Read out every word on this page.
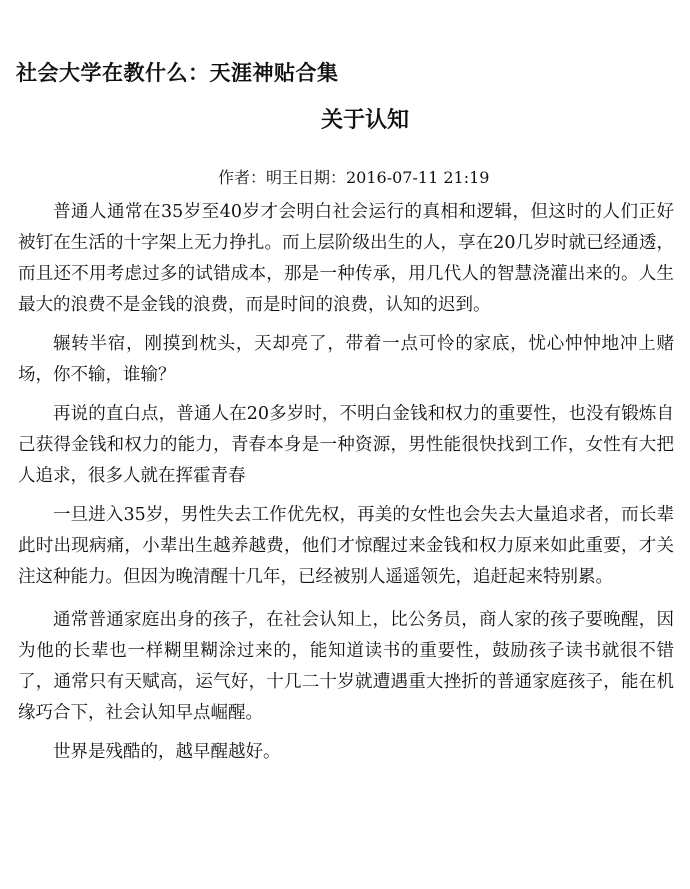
社会大学在教什么：天涯神贴合集
关于认知
作者：明王日期：2016-07-11 21:19

普通人通常在35岁至40岁才会明白社会运行的真相和逻辑，但这时的人们正好被钉在生活的十字架上无力挣扎。而上层阶级出生的人，享在20几岁时就已经通透，而且还不用考虑过多的试错成本，那是一种传承，用几代人的智慧浇灌出来的。人生最大的浪费不是金钱的浪费，而是时间的浪费，认知的迟到。

辗转半宿，刚摸到枕头，天却亮了，带着一点可怜的家底，忧心忡忡地冲上赌场，你不输，谁输？

再说的直白点，普通人在20多岁时，不明白金钱和权力的重要性，也没有锻炼自己获得金钱和权力的能力，青春本身是一种资源，男性能很快找到工作，女性有大把人追求，很多人就在挥霍青春

一旦进入35岁，男性失去工作优先权，再美的女性也会失去大量追求者，而长辈此时出现病痛，小辈出生越养越费，他们才惊醒过来金钱和权力原来如此重要，才关注这种能力。但因为晚清醒十几年，已经被别人遥遥领先，追赶起来特别累。

通常普通家庭出身的孩子，在社会认知上，比公务员，商人家的孩子要晚醒，因为他的长辈也一样糊里糊涂过来的，能知道读书的重要性，鼓励孩子读书就很不错了，通常只有天赋高，运气好，十几二十岁就遭遇重大挫折的普通家庭孩子，能在机缘巧合下，社会认知早点崛醒。

世界是残酷的，越早醒越好。
